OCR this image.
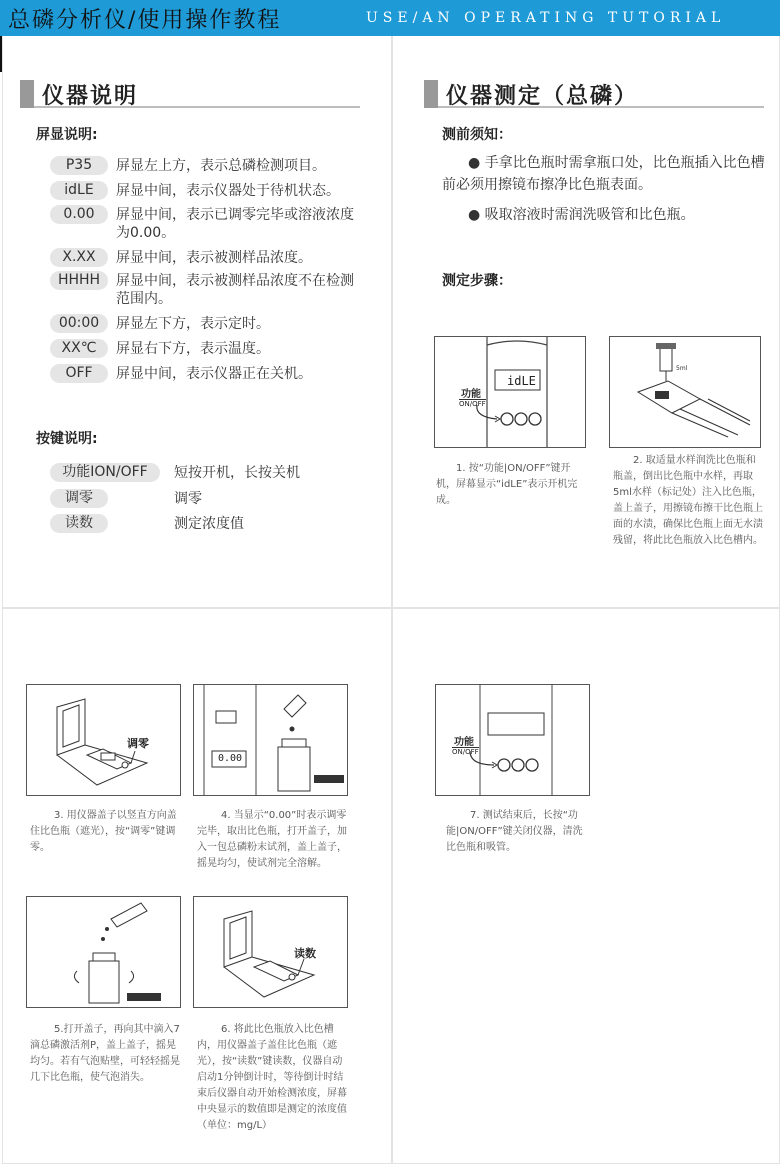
总磷分析仪/使用操作教程	USE/AN OPERATING TUTORIAL
仪器说明
屏显说明:
P35	屏显左上方，表示总磷检测项目。
idLE	屏显中间，表示仪器处于待机状态。
0.00	屏显中间，表示已调零完毕或溶液浓度为0.00。
X.XX	屏显中间，表示被测样品浓度。
HHHH	屏显中间，表示被测样品浓度不在检测范围内。
00:00	屏显左下方，表示定时。
XX℃	屏显右下方，表示温度。
OFF	屏显中间，表示仪器正在关机。
按键说明:
功能ION/OFF	短按开机，长按关机
调零	调零
读数	测定浓度值
仪器测定（总磷）
测前须知：
● 手拿比色瓶时需拿瓶口处，比色瓶插入比色槽前必须用擦镜布擦净比色瓶表面。
● 吸取溶液时需润洗吸管和比色瓶。
测定步骤：
idLE
功能
ON/OFF
1. 按“功能|ON/OFF”键开机，屏幕显示“idLE”表示开机完成。
5ml
2. 取适量水样润洗比色瓶和瓶盖，倒出比色瓶中水样，再取5ml水样（标记处）注入比色瓶，盖上盖子，用擦镜布擦干比色瓶上面的水渍，确保比色瓶上面无水渍残留，将此比色瓶放入比色槽内。
调零
3. 用仪器盖子以竖直方向盖住比色瓶（遮光），按“调零”键调零。
0.00
4. 当显示“0.00”时表示调零完毕，取出比色瓶，打开盖子，加入一包总磷粉末试剂，盖上盖子，摇晃均匀，使试剂完全溶解。
5.打开盖子，再向其中滴入7滴总磷激活剂P，盖上盖子，摇晃均匀。若有气泡贴壁，可轻轻摇晃几下比色瓶，使气泡消失。
读数
6. 将此比色瓶放入比色槽内，用仪器盖子盖住比色瓶（遮光），按“读数”键读数，仪器自动启动1分钟倒计时，等待倒计时结束后仪器自动开始检测浓度，屏幕中央显示的数值即是测定的浓度值（单位：mg/L）
功能
ON/OFF
7. 测试结束后，长按“功能|ON/OFF”键关闭仪器，清洗比色瓶和吸管。
